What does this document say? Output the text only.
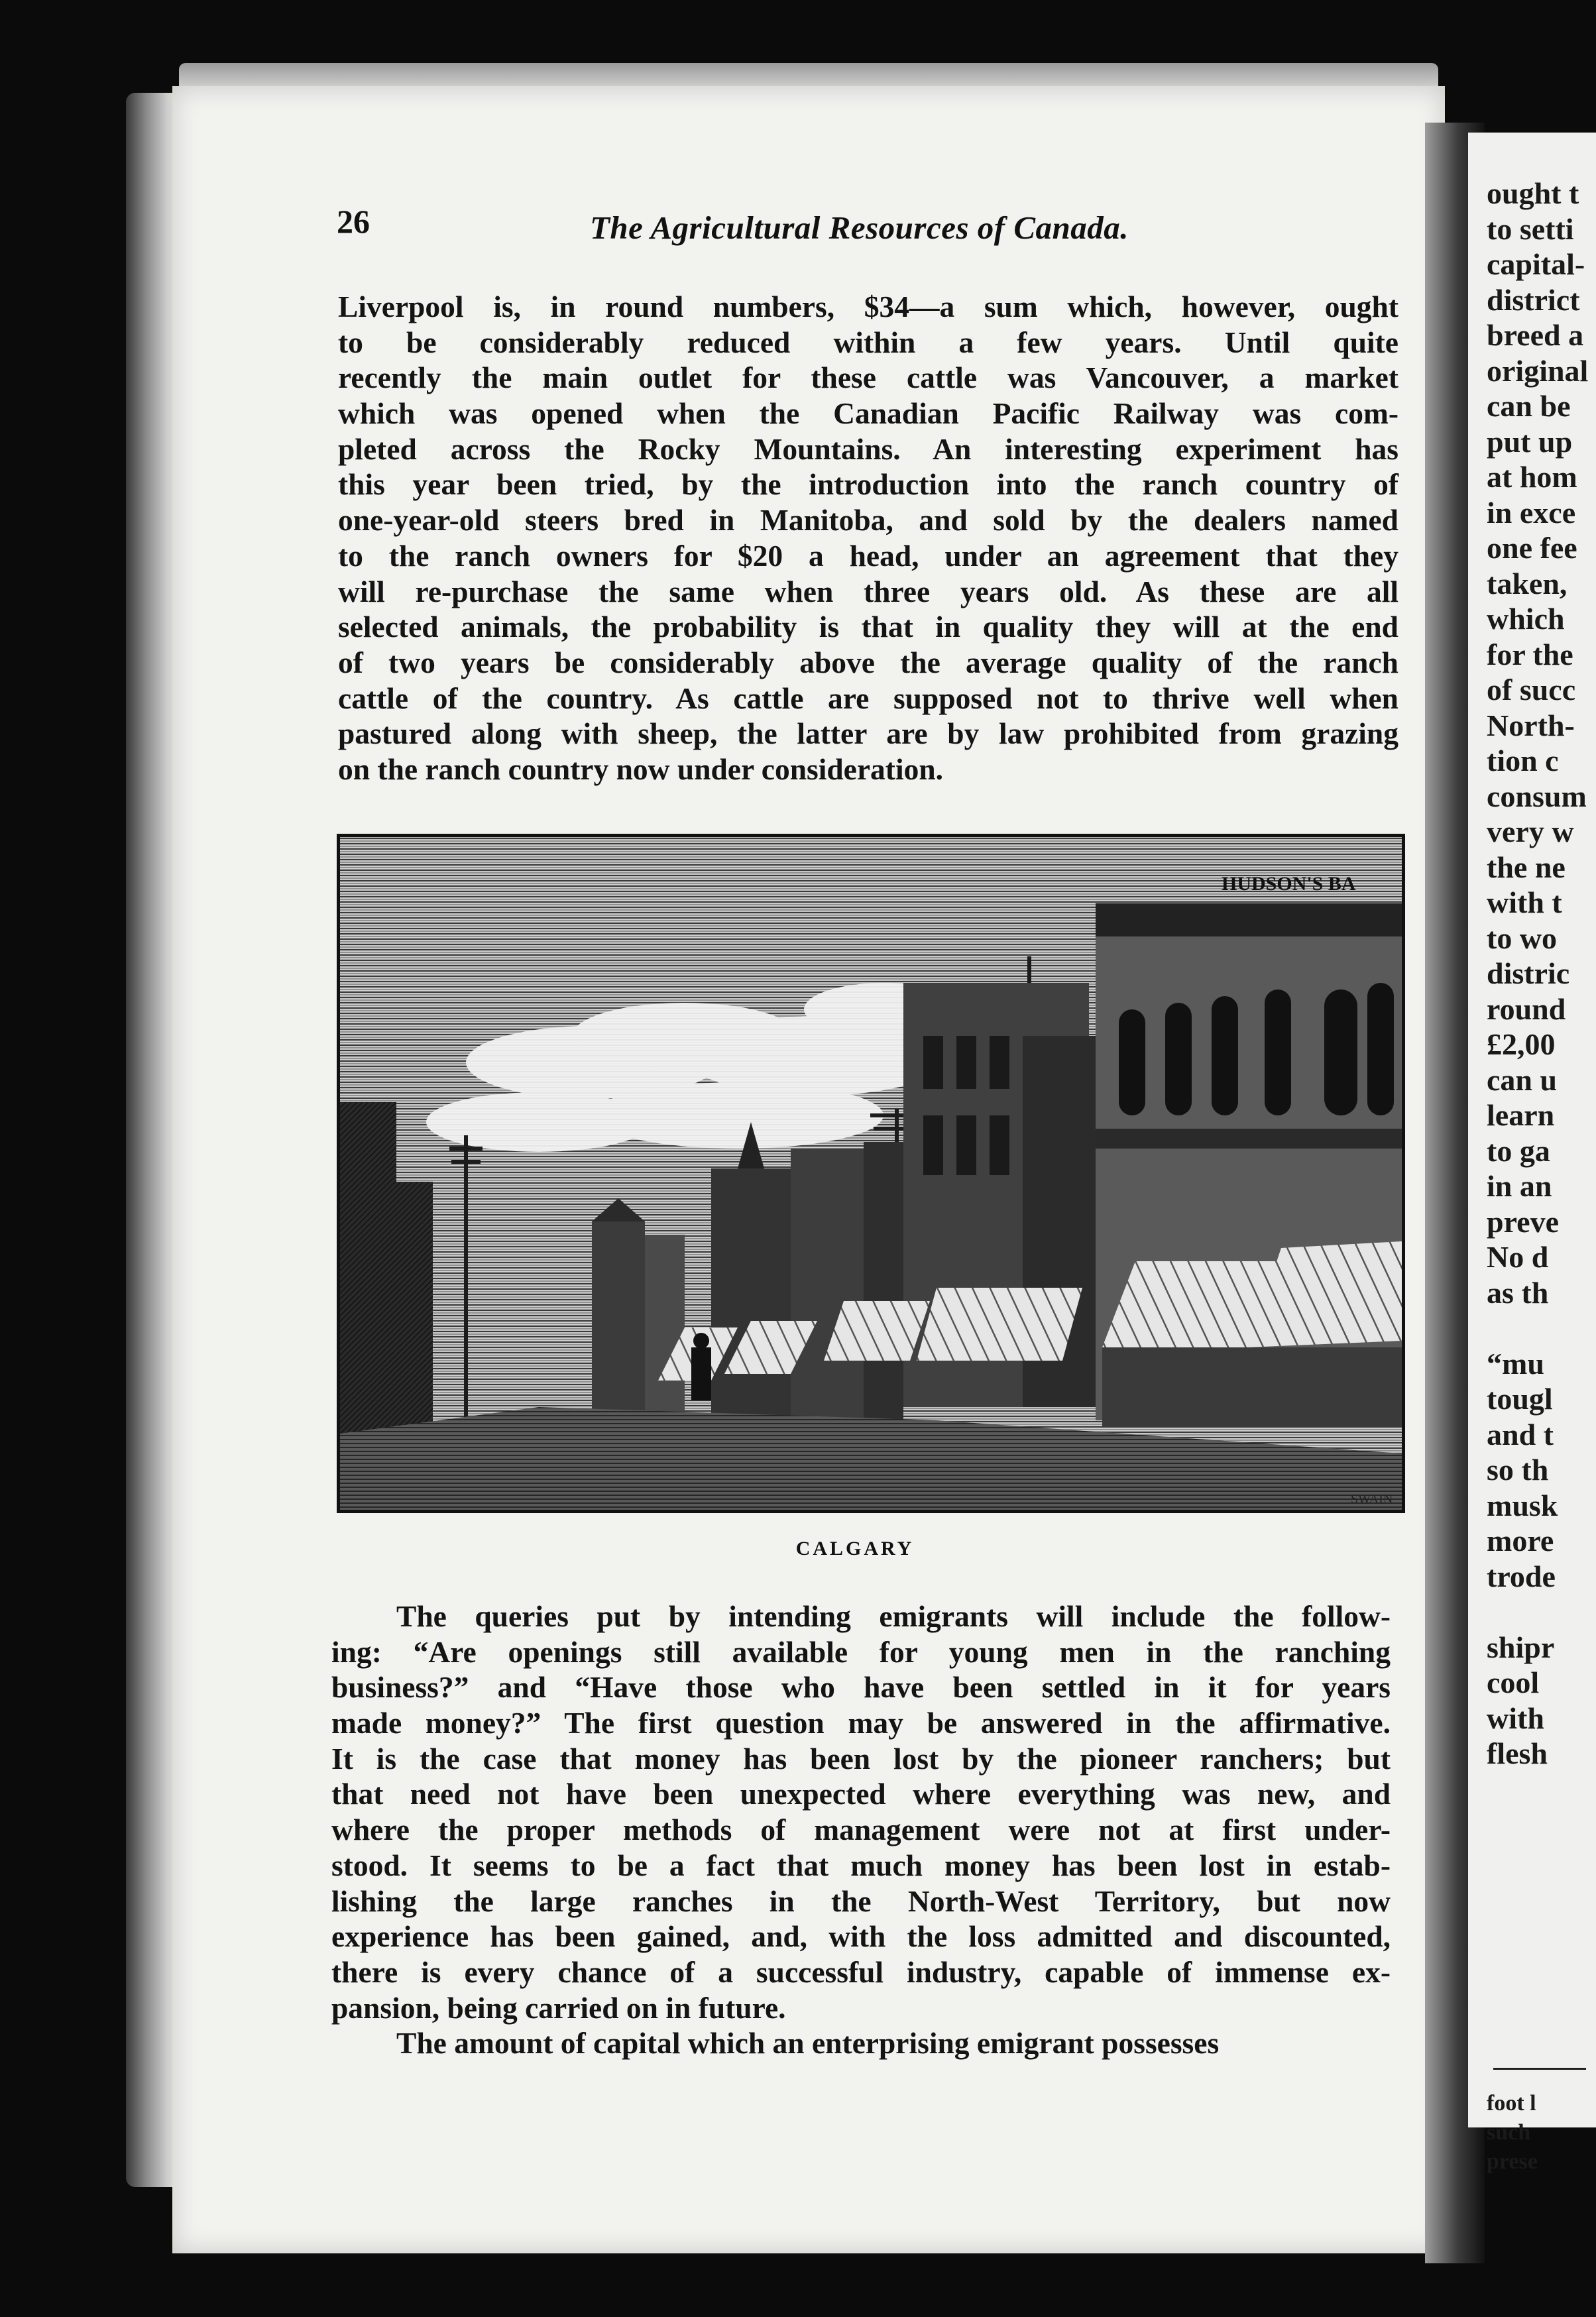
ought t
to setti
capital-
district
breed a
original
can be
put up
at hom
in exce
one fee
taken,
which
for the
of succ
North-
tion c
consum
very w
the ne
with t
to wo
distric
round
£2,00
can u
learn
to ga
in an
preve
No d
as th
“mu
tougl
and t
so th
musk
more
trode
shipr
cool
with
flesh
foot l
such
prese
26	The Agricultural Resources of Canada.
Liverpool is, in round numbers, $34—a sum which, however, ought
to be considerably reduced within a few years. Until quite
recently the main outlet for these cattle was Vancouver, a market
which was opened when the Canadian Pacific Railway was com-
pleted across the Rocky Mountains. An interesting experiment has
this year been tried, by the introduction into the ranch country of
one-year-old steers bred in Manitoba, and sold by the dealers named
to the ranch owners for $20 a head, under an agreement that they
will re-purchase the same when three years old. As these are all
selected animals, the probability is that in quality they will at the end
of two years be considerably above the average quality of the ranch
cattle of the country. As cattle are supposed not to thrive well when
pastured along with sheep, the latter are by law prohibited from grazing
on the ranch country now under consideration.
HUDSON'S BA
SWAIN
CALGARY
The queries put by intending emigrants will include the follow-
ing: “Are openings still available for young men in the ranching
business?” and “Have those who have been settled in it for years
made money?” The first question may be answered in the affirmative.
It is the case that money has been lost by the pioneer ranchers; but
that need not have been unexpected where everything was new, and
where the proper methods of management were not at first under-
stood. It seems to be a fact that much money has been lost in estab-
lishing the large ranches in the North-West Territory, but now
experience has been gained, and, with the loss admitted and discounted,
there is every chance of a successful industry, capable of immense ex-
pansion, being carried on in future.
The amount of capital which an enterprising emigrant possesses
